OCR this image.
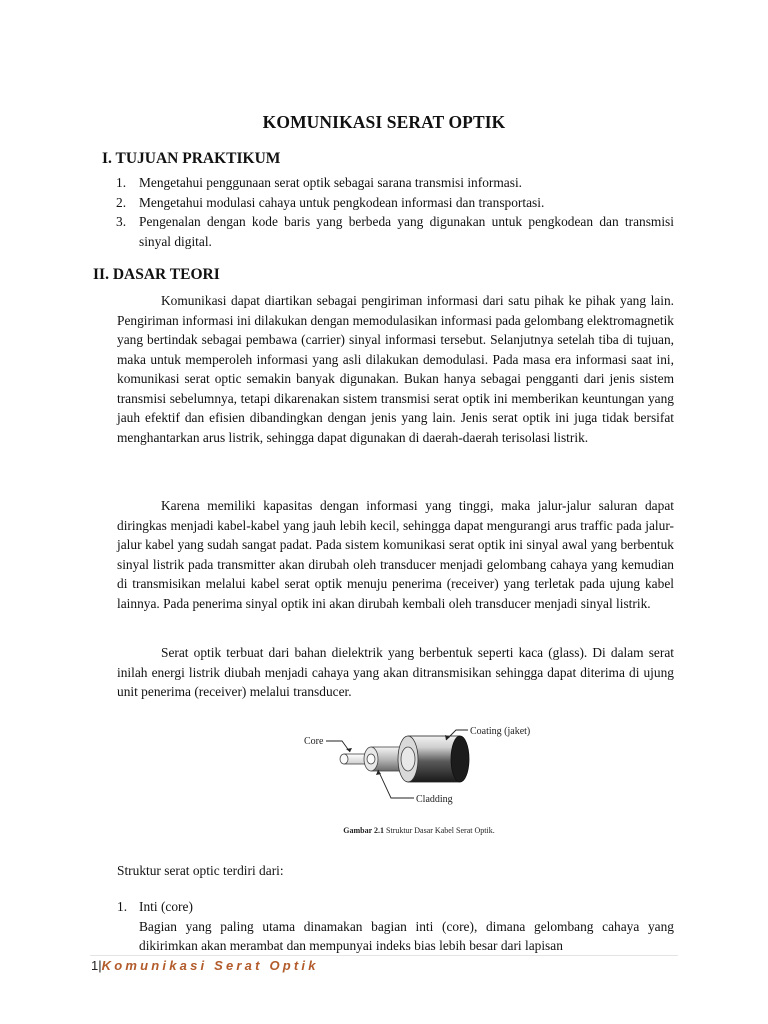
KOMUNIKASI SERAT OPTIK
I. TUJUAN PRAKTIKUM
1. Mengetahui penggunaan serat optik sebagai sarana transmisi informasi.
2. Mengetahui modulasi cahaya untuk pengkodean informasi dan transportasi.
3. Pengenalan dengan kode baris yang berbeda yang digunakan untuk pengkodean dan transmisi sinyal digital.
II. DASAR TEORI

Komunikasi dapat diartikan sebagai pengiriman informasi dari satu pihak ke pihak yang lain. Pengiriman informasi ini dilakukan dengan memodulasikan informasi pada gelombang elektromagnetik yang bertindak sebagai pembawa (carrier) sinyal informasi tersebut. Selanjutnya setelah tiba di tujuan, maka untuk memperoleh informasi yang asli dilakukan demodulasi. Pada masa era informasi saat ini, komunikasi serat optic semakin banyak digunakan. Bukan hanya sebagai pengganti dari jenis sistem transmisi sebelumnya, tetapi dikarenakan sistem transmisi serat optik ini memberikan keuntungan yang jauh efektif dan efisien dibandingkan dengan jenis yang lain. Jenis serat optik ini juga tidak bersifat menghantarkan arus listrik, sehingga dapat digunakan di daerah-daerah terisolasi listrik.

Karena memiliki kapasitas dengan informasi yang tinggi, maka jalur-jalur saluran dapat diringkas menjadi kabel-kabel yang jauh lebih kecil, sehingga dapat mengurangi arus traffic pada jalur-jalur kabel yang sudah sangat padat. Pada sistem komunikasi serat optik ini sinyal awal yang berbentuk sinyal listrik pada transmitter akan dirubah oleh transducer menjadi gelombang cahaya yang kemudian di transmisikan melalui kabel serat optik menuju penerima (receiver) yang terletak pada ujung kabel lainnya. Pada penerima sinyal optik ini akan dirubah kembali oleh transducer menjadi sinyal listrik.

Serat optik terbuat dari bahan dielektrik yang berbentuk seperti kaca (glass). Di dalam serat inilah energi listrik diubah menjadi cahaya yang akan ditransmisikan sehingga dapat diterima di ujung unit penerima (receiver) melalui transducer.

Core
Coating (jaket)
Cladding
Gambar 2.1 Struktur Dasar Kabel Serat Optik.

Struktur serat optic terdiri dari:

1. Inti (core)
Bagian yang paling utama dinamakan bagian inti (core), dimana gelombang cahaya yang dikirimkan akan merambat dan mempunyai indeks bias lebih besar dari lapisan
1|Komunikasi Serat Optik
